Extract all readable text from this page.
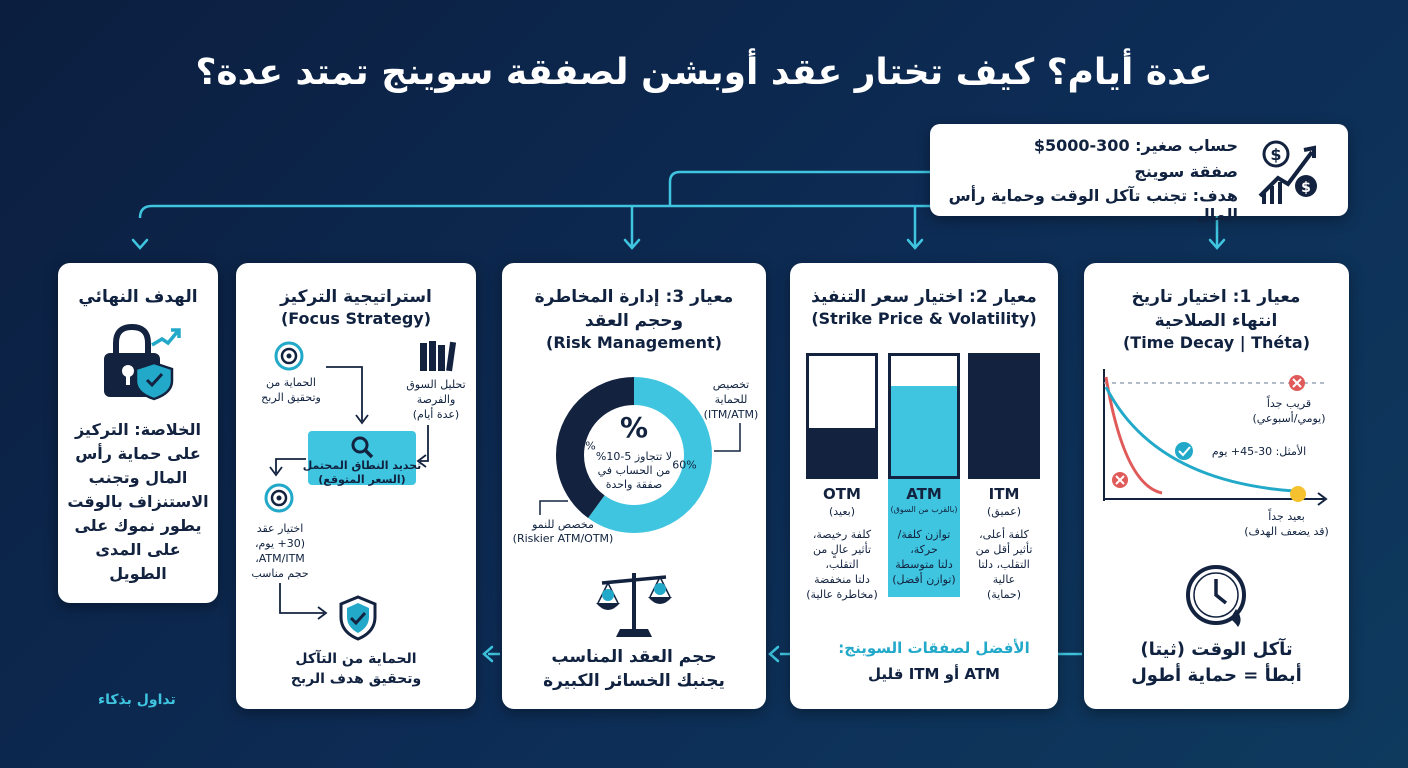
عدة أيام؟ كيف تختار عقد أوبشن لصفقة سوينج تمتد عدة؟
حساب صغير: 300-5000$
صفقة سوينج
هدف: تجنب تآكل الوقت وحماية رأس المال
$
$
معيار 1: اختيار تاريخ انتهاء الصلاحية
(Time Decay | Théta)
قريب جداً
(يومي/أسبوعي)
الأمثل: 30-45+ يوم
بعيد جداً
(قد يضعف الهدف)
تآكل الوقت (ثيتا)
أبطأ = حماية أطول
معيار 2: اختيار سعر التنفيذ
(Strike Price & Volatility)
OTM
(بعيد)
كلفة رخيصة،
تأثير عالٍ من
التقلب،
دلتا منخفضة
(مخاطرة عالية)
ATM
(بالقرب من السوق)
توازن كلفة/
حركة،
دلتا متوسطة
(توازن أفضل)
ITM
(عميق)
كلفة أعلى،
تأثير أقل من
التقلب، دلتا
عالية
(حماية)
الأفضل لصفقات السوينج:
ATM أو ITM قليل
معيار 3: إدارة المخاطرة
وحجم العقد
(Risk Management)
60%
40%
%
لا تتجاوز 5-10%
من الحساب في
صفقة واحدة
تخصيص
للحماية
(ITM/ATM)
مخصص للنمو
(Riskier ATM/OTM)
حجم العقد المناسب
يجنبك الخسائر الكبيرة
استراتيجية التركيز
(Focus Strategy)
تحليل السوق
والفرصة
(عدة أيام)
الحماية من
وتحقيق الربح
تحديد النطاق المحتمل
(السعر المتوقع)
اختيار عقد
(30+ يوم،
ATM/ITM،
حجم مناسب
الحماية من التآكل
وتحقيق هدف الربح
الهدف النهائي
الخلاصة: التركيز
على حماية رأس
المال وتجنب
الاستنزاف بالوقت
يطور نموك على
على المدى
الطويل
تداول بذكاء
